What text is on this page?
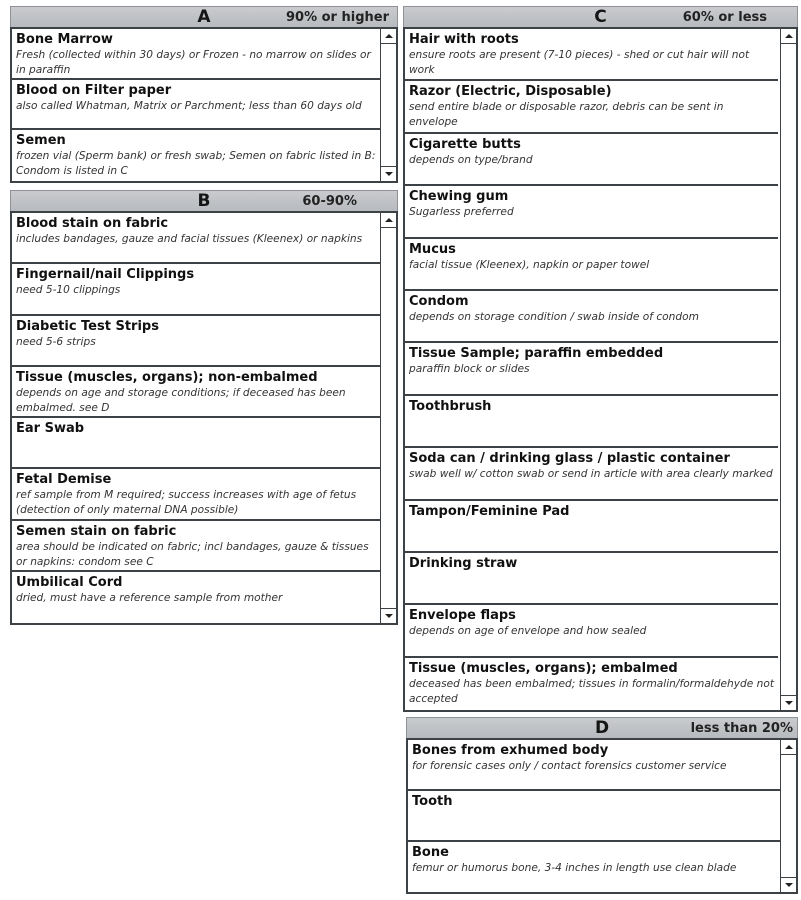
A	90% or higher
Bone Marrow
Fresh (collected within 30 days) or Frozen - no marrow on slides or in paraffin
Blood on Filter paper
also called Whatman, Matrix or Parchment; less than 60 days old
Semen
frozen vial (Sperm bank) or fresh swab; Semen on fabric listed in B: Condom is listed in C
B	60-90%
Blood stain on fabric
includes bandages, gauze and facial tissues (Kleenex) or napkins
Fingernail/nail Clippings
need 5-10 clippings
Diabetic Test Strips
need 5-6 strips
Tissue (muscles, organs); non-embalmed
depends on age and storage conditions; if deceased has been embalmed. see D
Ear Swab
Fetal Demise
ref sample from M required; success increases with age of fetus (detection of only maternal DNA possible)
Semen stain on fabric
area should be indicated on fabric; incl bandages, gauze & tissues or napkins: condom see C
Umbilical Cord
dried, must have a reference sample from mother
C	60% or less
Hair with roots
ensure roots are present (7-10 pieces) - shed or cut hair will not work
Razor (Electric, Disposable)
send entire blade or disposable razor, debris can be sent in envelope
Cigarette butts
depends on type/brand
Chewing gum
Sugarless preferred
Mucus
facial tissue (Kleenex), napkin or paper towel
Condom
depends on storage condition / swab inside of condom
Tissue Sample; paraffin embedded
paraffin block or slides
Toothbrush
Soda can / drinking glass / plastic container
swab well w/ cotton swab or send in article with area clearly marked
Tampon/Feminine Pad
Drinking straw
Envelope flaps
depends on age of envelope and how sealed
Tissue (muscles, organs); embalmed
deceased has been embalmed; tissues in formalin/formaldehyde not accepted
D	less than 20%
Bones from exhumed body
for forensic cases only / contact forensics customer service
Tooth
Bone
femur or humorus bone, 3-4 inches in length use clean blade
